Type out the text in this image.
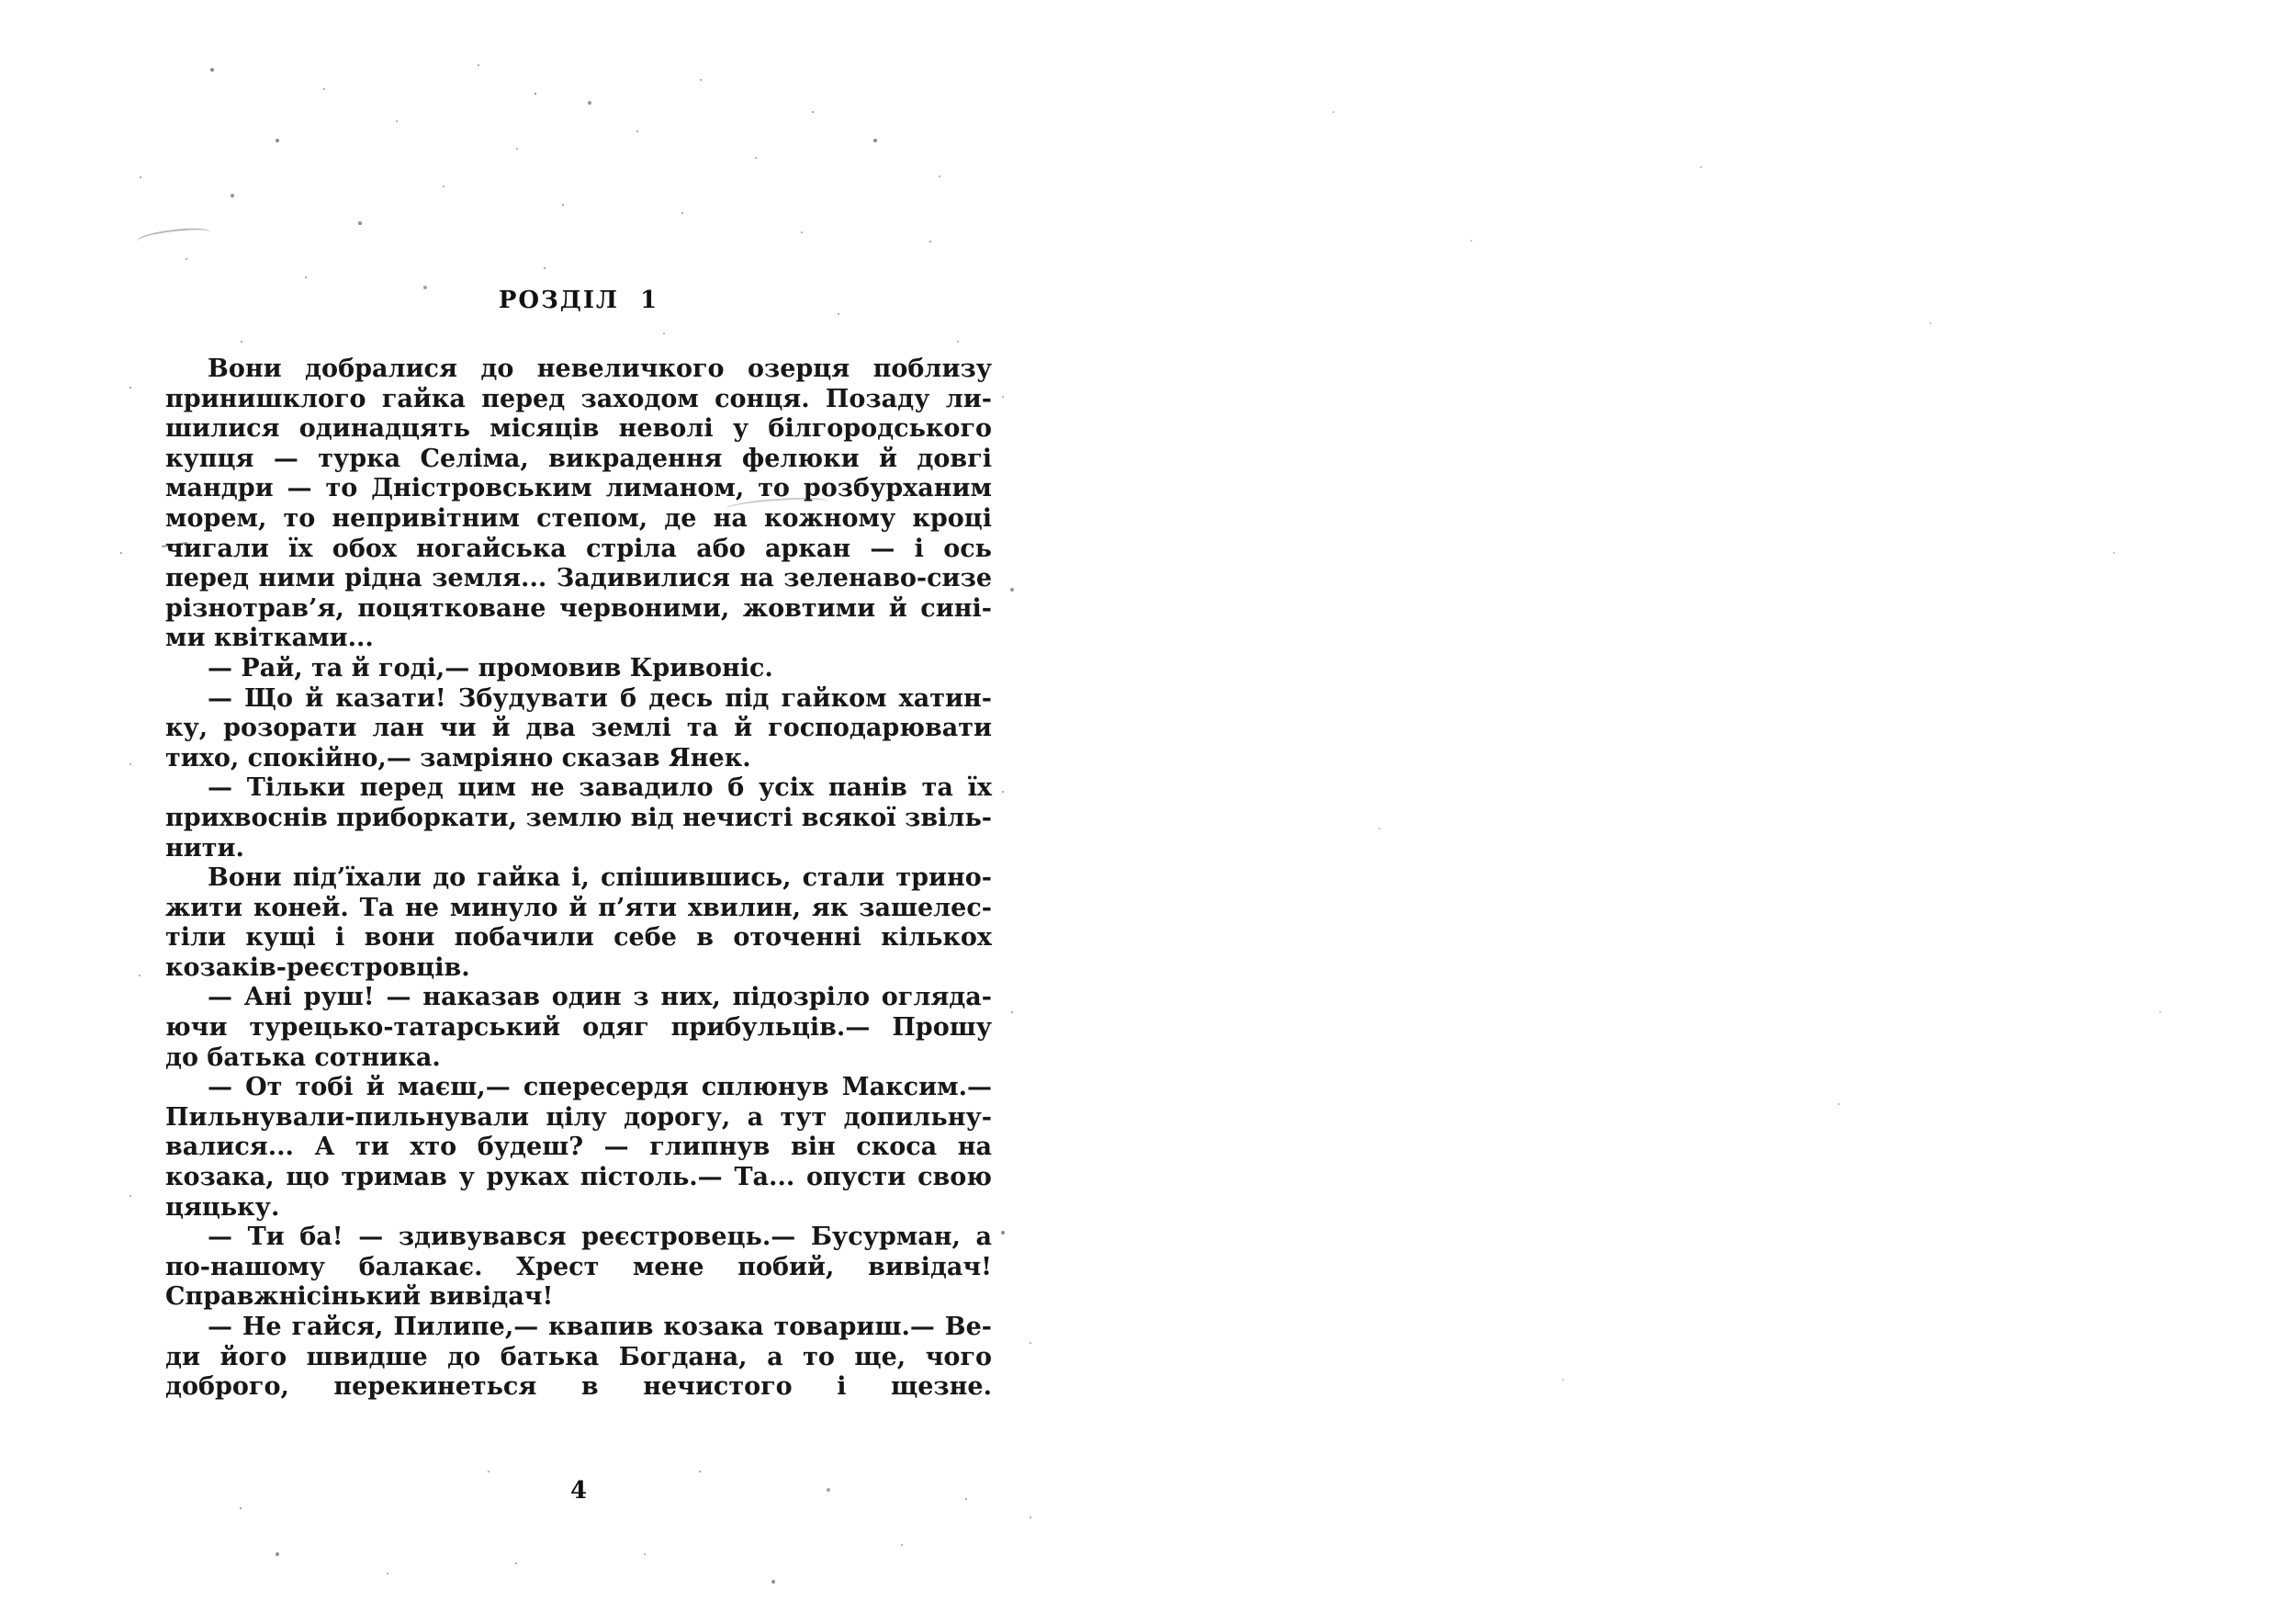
РОЗДІЛ 1
Вони добралися до невеличкого озерця поблизу
принишклого гайка перед заходом сонця. Позаду ли-
шилися одинадцять місяців неволі у білгородського
купця — турка Селіма, викрадення фелюки й довгі
мандри — то Дністровським лиманом, то розбурханим
морем, то непривітним степом, де на кожному кроці
чигали їх обох ногайська стріла або аркан — і ось
перед ними рідна земля... Задивилися на зеленаво-сизе
різнотрав’я, поцятковане червоними, жовтими й сині-
ми квітками...
— Рай, та й годі,— промовив Кривоніс.
— Що й казати! Збудувати б десь під гайком хатин-
ку, розорати лан чи й два землі та й господарювати
тихо, спокійно,— замріяно сказав Янек.
— Тільки перед цим не завадило б усіх панів та їх
прихвоснів приборкати, землю від нечисті всякої звіль-
нити.
Вони під’їхали до гайка і, спішившись, стали трино-
жити коней. Та не минуло й п’яти хвилин, як зашелес-
тіли кущі і вони побачили себе в оточенні кількох
козаків-реєстровців.
— Ані руш! — наказав один з них, підозріло огляда-
ючи турецько-татарський одяг прибульців.— Прошу
до батька сотника.
— От тобі й маєш,— спересердя сплюнув Максим.—
Пильнували-пильнували цілу дорогу, а тут допильну-
валися... А ти хто будеш? — глипнув він скоса на
козака, що тримав у руках пістоль.— Та... опусти свою
цяцьку.
— Ти ба! — здивувався реєстровець.— Бусурман, а
по-нашому балакає. Хрест мене побий, вивідач!
Справжнісінький вивідач!
— Не гайся, Пилипе,— квапив козака товариш.— Ве-
ди його швидше до батька Богдана, а то ще, чого
доброго, перекинеться в нечистого і щезне.
4
